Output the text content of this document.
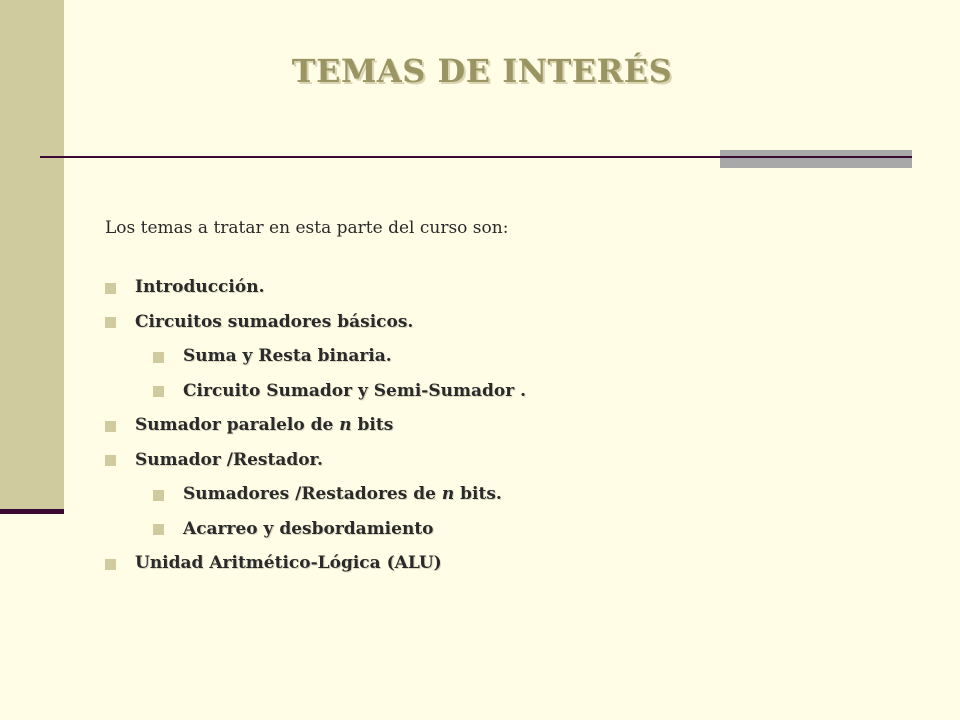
TEMAS DE INTERÉS
Los temas a tratar en esta parte del curso son:
Introducción.
Circuitos sumadores básicos.
Suma y Resta binaria.
Circuito Sumador y Semi-Sumador .
Sumador paralelo de n bits
Sumador /Restador.
Sumadores /Restadores de n bits.
Acarreo y desbordamiento
Unidad Aritmético-Lógica (ALU)
